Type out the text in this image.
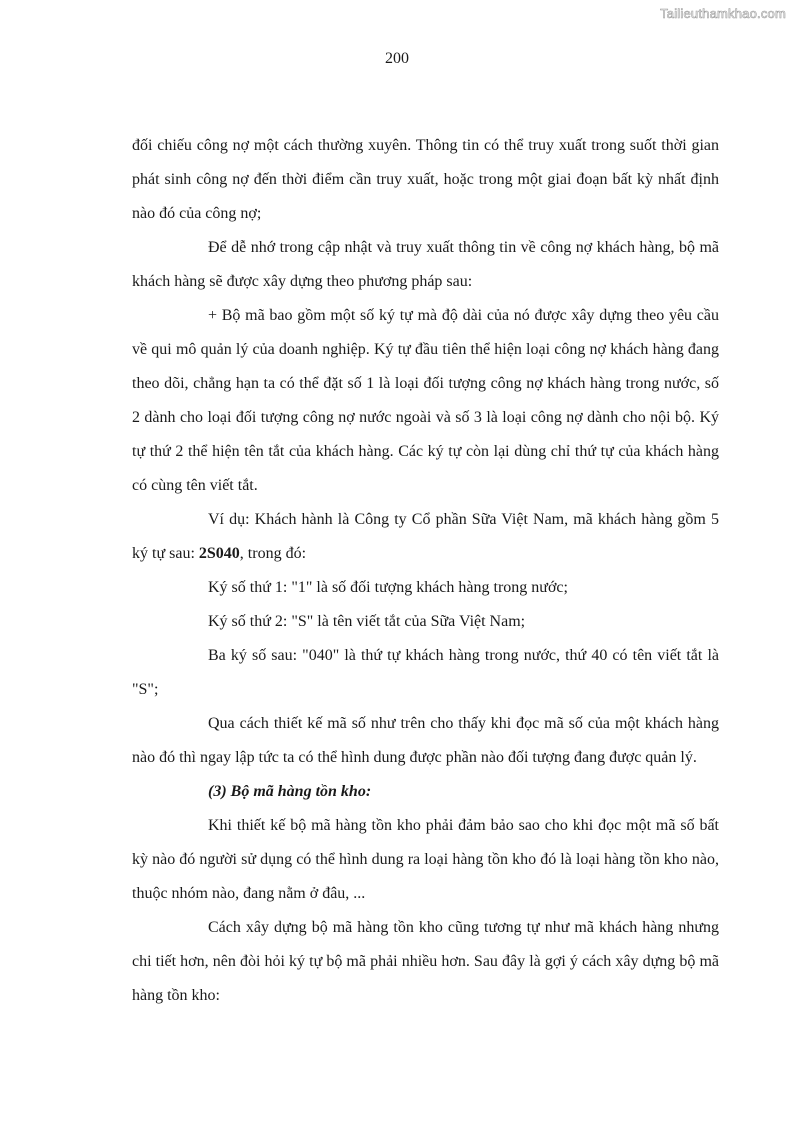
Tailieuthamkhao.com
200

đối chiếu công nợ một cách thường xuyên. Thông tin có thể truy xuất trong suốt thời gian phát sinh công nợ đến thời điểm cần truy xuất, hoặc trong một giai đoạn bất kỳ nhất định nào đó của công nợ;

Để dễ nhớ trong cập nhật và truy xuất thông tin về công nợ khách hàng, bộ mã khách hàng sẽ được xây dựng theo phương pháp sau:

+ Bộ mã bao gồm một số ký tự mà độ dài của nó được xây dựng theo yêu cầu về qui mô quản lý của doanh nghiệp. Ký tự đầu tiên thể hiện loại công nợ khách hàng đang theo dõi, chẳng hạn ta có thể đặt số 1 là loại đối tượng công nợ khách hàng trong nước, số 2 dành cho loại đối tượng công nợ nước ngoài và số 3 là loại công nợ dành cho nội bộ. Ký tự thứ 2 thể hiện tên tắt của khách hàng. Các ký tự còn lại dùng chỉ thứ tự của khách hàng có cùng tên viết tắt.

Ví dụ: Khách hành là Công ty Cổ phần Sữa Việt Nam, mã khách hàng gồm 5 ký tự sau: 2S040, trong đó:

Ký số thứ 1: "1" là số đối tượng khách hàng trong nước;

Ký số thứ 2: "S" là tên viết tắt của Sữa Việt Nam;

Ba ký số sau: "040" là thứ tự khách hàng trong nước, thứ 40 có tên viết tắt là "S";

Qua cách thiết kế mã số như trên cho thấy khi đọc mã số của một khách hàng nào đó thì ngay lập tức ta có thể hình dung được phần nào đối tượng đang được quản lý.

(3) Bộ mã hàng tồn kho:

Khi thiết kế bộ mã hàng tồn kho phải đảm bảo sao cho khi đọc một mã số bất kỳ nào đó người sử dụng có thể hình dung ra loại hàng tồn kho đó là loại hàng tồn kho nào, thuộc nhóm nào, đang nằm ở đâu, ...

Cách xây dựng bộ mã hàng tồn kho cũng tương tự như mã khách hàng nhưng chi tiết hơn, nên đòi hỏi ký tự bộ mã phải nhiều hơn. Sau đây là gợi ý cách xây dựng bộ mã hàng tồn kho:
